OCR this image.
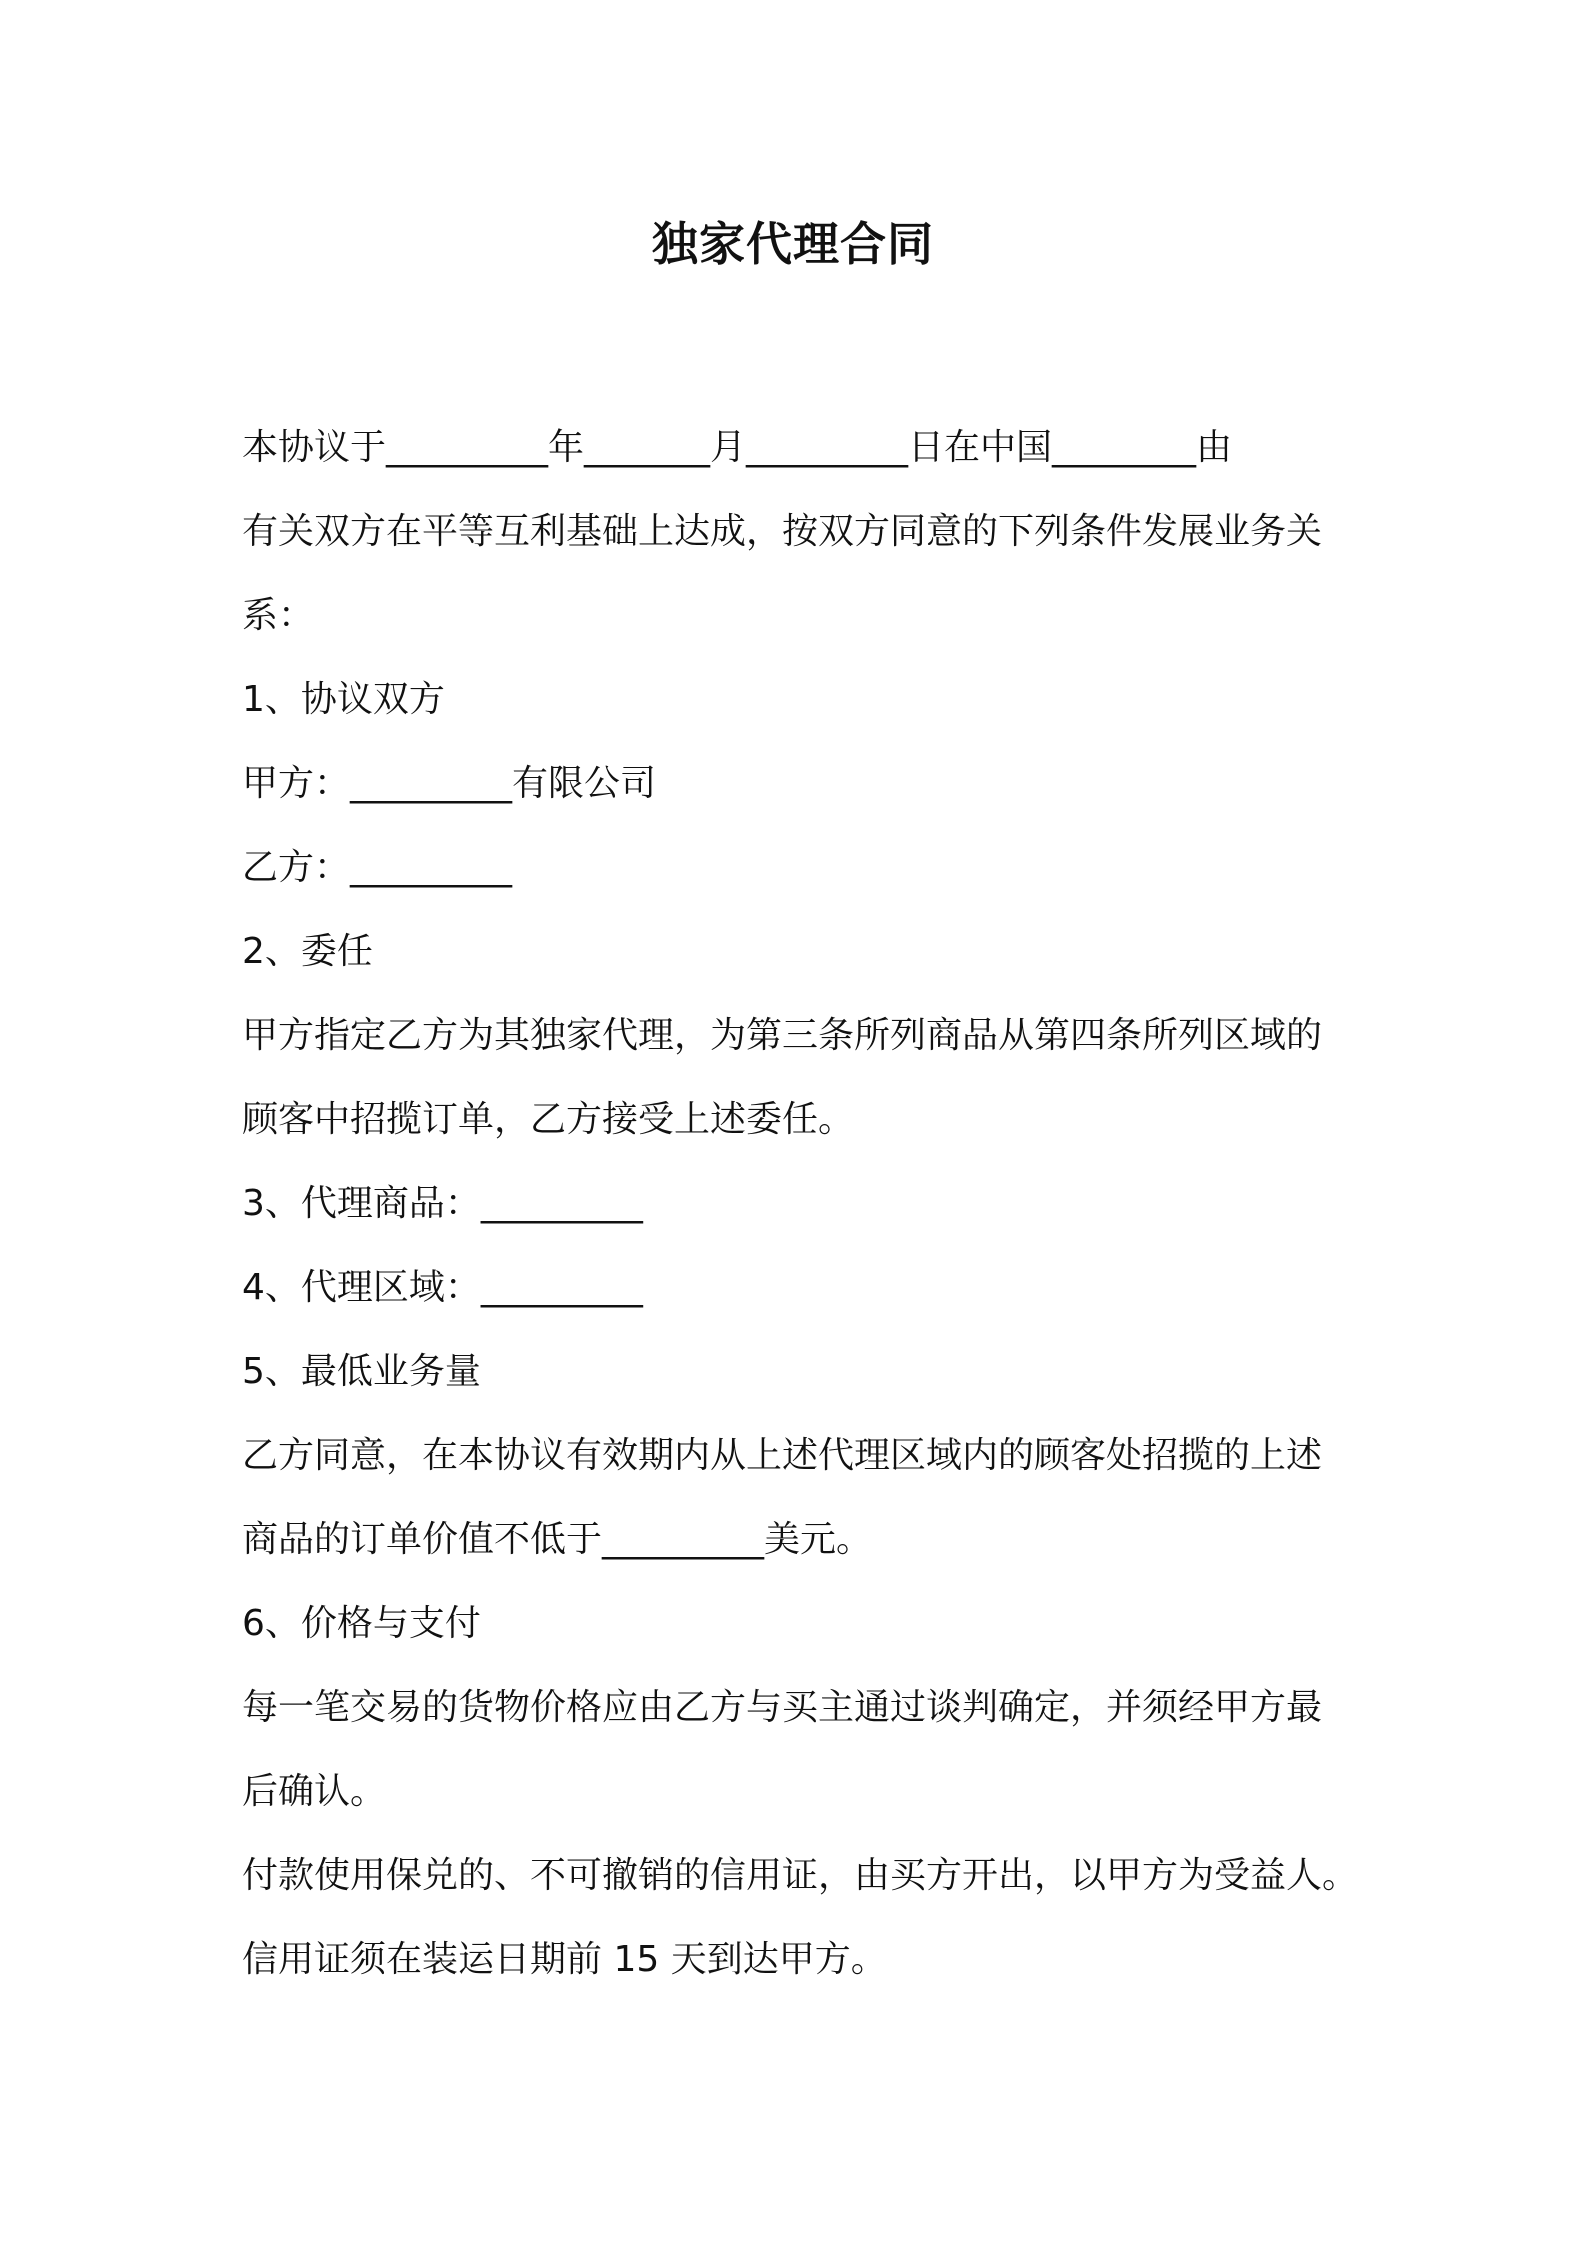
独家代理合同
本协议于_________年_______月_________日在中国________由
有关双方在平等互利基础上达成，按双方同意的下列条件发展业务关
系：
1、协议双方
甲方：_________有限公司
乙方：_________
2、委任
甲方指定乙方为其独家代理，为第三条所列商品从第四条所列区域的
顾客中招揽订单，乙方接受上述委任。
3、代理商品：_________
4、代理区域：_________
5、最低业务量
乙方同意，在本协议有效期内从上述代理区域内的顾客处招揽的上述
商品的订单价值不低于_________美元。
6、价格与支付
每一笔交易的货物价格应由乙方与买主通过谈判确定，并须经甲方最
后确认。
付款使用保兑的、不可撤销的信用证，由买方开出，以甲方为受益人。
信用证须在装运日期前 15 天到达甲方。
